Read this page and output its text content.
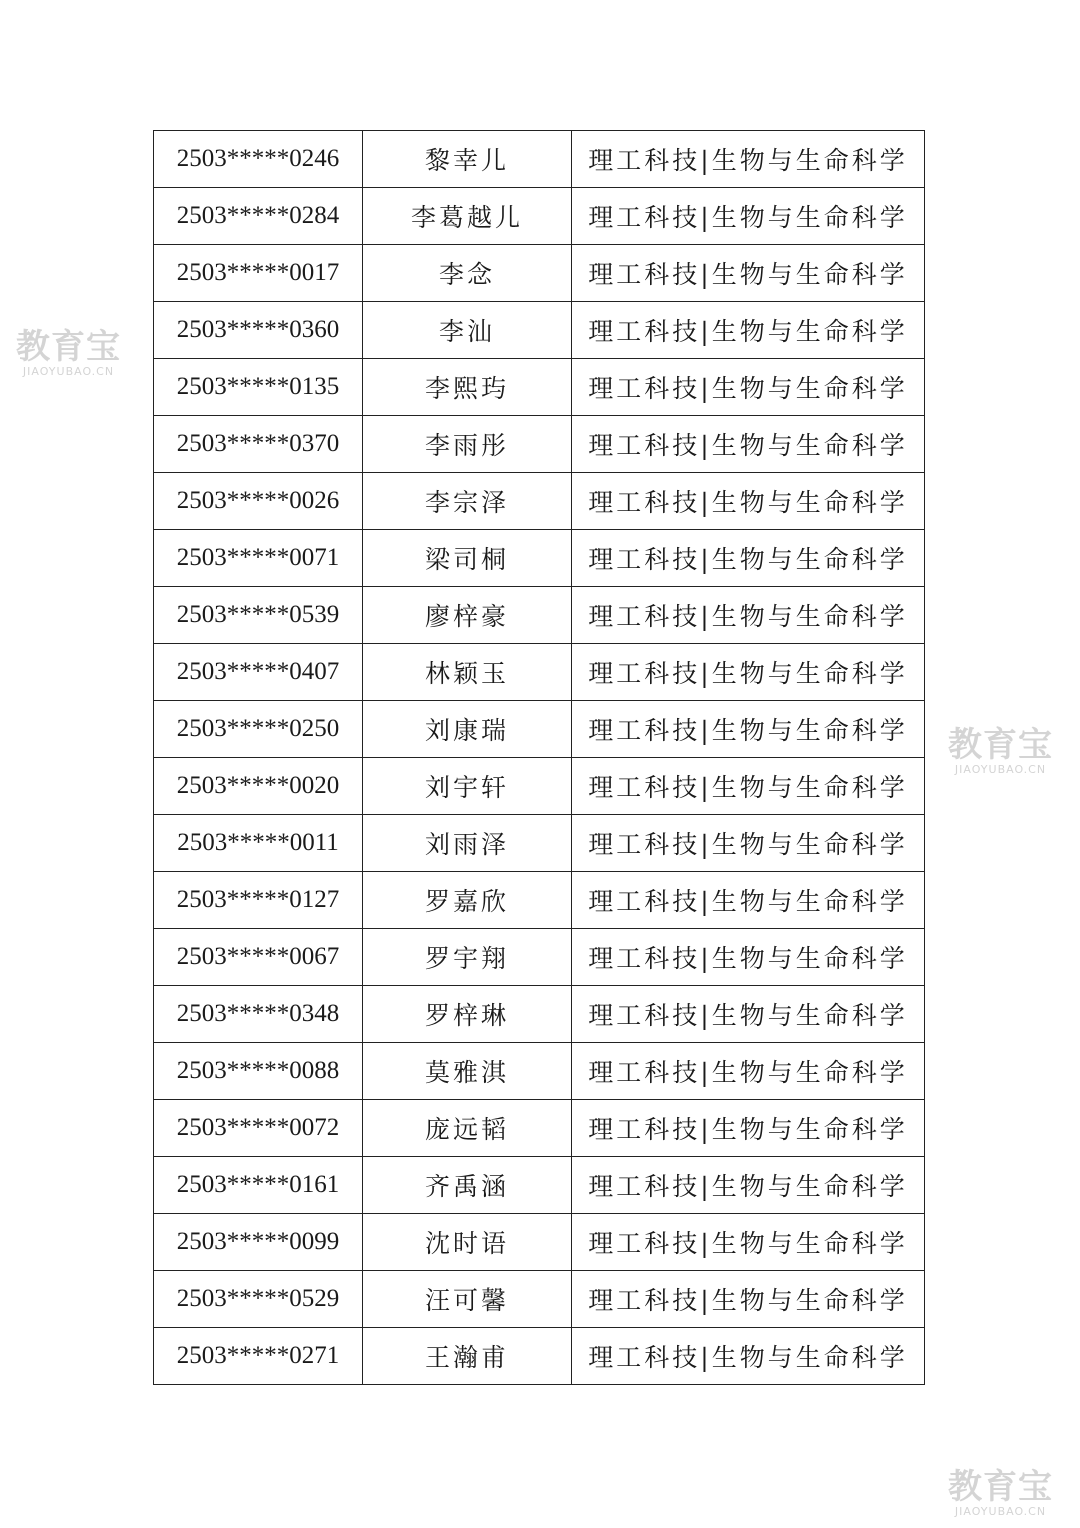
教育宝
JIAOYUBAO.CN
教育宝
JIAOYUBAO.CN
教育宝
JIAOYUBAO.CN
2503*****0246	黎幸儿	理工科技|生物与生命科学
2503*****0284	李葛越儿	理工科技|生物与生命科学
2503*****0017	李念	理工科技|生物与生命科学
2503*****0360	李汕	理工科技|生物与生命科学
2503*****0135	李熙玙	理工科技|生物与生命科学
2503*****0370	李雨彤	理工科技|生物与生命科学
2503*****0026	李宗泽	理工科技|生物与生命科学
2503*****0071	梁司桐	理工科技|生物与生命科学
2503*****0539	廖梓豪	理工科技|生物与生命科学
2503*****0407	林颖玉	理工科技|生物与生命科学
2503*****0250	刘康瑞	理工科技|生物与生命科学
2503*****0020	刘宇轩	理工科技|生物与生命科学
2503*****0011	刘雨泽	理工科技|生物与生命科学
2503*****0127	罗嘉欣	理工科技|生物与生命科学
2503*****0067	罗宇翔	理工科技|生物与生命科学
2503*****0348	罗梓琳	理工科技|生物与生命科学
2503*****0088	莫雅淇	理工科技|生物与生命科学
2503*****0072	庞远韬	理工科技|生物与生命科学
2503*****0161	齐禹涵	理工科技|生物与生命科学
2503*****0099	沈时语	理工科技|生物与生命科学
2503*****0529	汪可馨	理工科技|生物与生命科学
2503*****0271	王瀚甫	理工科技|生物与生命科学
